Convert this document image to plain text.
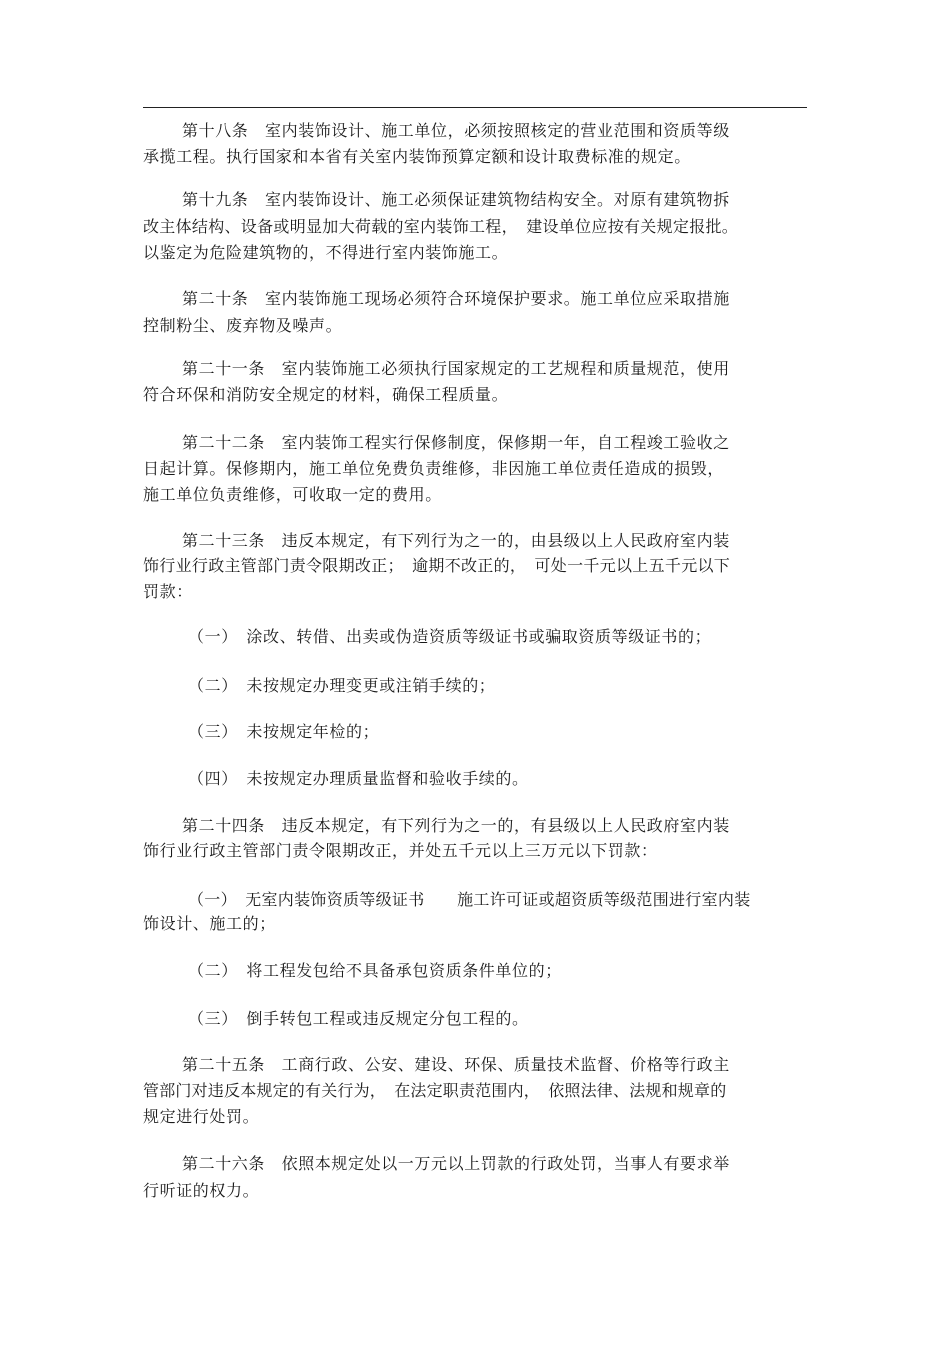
第十八条　室内装饰设计、施工单位，必须按照核定的营业范围和资质等级
承揽工程。执行国家和本省有关室内装饰预算定额和设计取费标准的规定。
第十九条　室内装饰设计、施工必须保证建筑物结构安全。对原有建筑物拆
改主体结构、设备或明显加大荷载的室内装饰工程，　建设单位应按有关规定报批。
以鉴定为危险建筑物的，不得进行室内装饰施工。
第二十条　室内装饰施工现场必须符合环境保护要求。施工单位应采取措施
控制粉尘、废弃物及噪声。
第二十一条　室内装饰施工必须执行国家规定的工艺规程和质量规范，使用
符合环保和消防安全规定的材料，确保工程质量。
第二十二条　室内装饰工程实行保修制度，保修期一年，自工程竣工验收之
日起计算。保修期内，施工单位免费负责维修，非因施工单位责任造成的损毁，
施工单位负责维修，可收取一定的费用。
第二十三条　违反本规定，有下列行为之一的，由县级以上人民政府室内装
饰行业行政主管部门责令限期改正；　逾期不改正的，　可处一千元以上五千元以下
罚款：
（一）　涂改、转借、出卖或伪造资质等级证书或骗取资质等级证书的；
（二）　未按规定办理变更或注销手续的；
（三）　未按规定年检的；
（四）　未按规定办理质量监督和验收手续的。
第二十四条　违反本规定，有下列行为之一的，有县级以上人民政府室内装
饰行业行政主管部门责令限期改正，并处五千元以上三万元以下罚款：
（一）　无室内装饰资质等级证书　　施工许可证或超资质等级范围进行室内装
饰设计、施工的；
（二）　将工程发包给不具备承包资质条件单位的；
（三）　倒手转包工程或违反规定分包工程的。
第二十五条　工商行政、公安、建设、环保、质量技术监督、价格等行政主
管部门对违反本规定的有关行为，　在法定职责范围内，　依照法律、法规和规章的
规定进行处罚。
第二十六条　依照本规定处以一万元以上罚款的行政处罚，当事人有要求举
行听证的权力。
